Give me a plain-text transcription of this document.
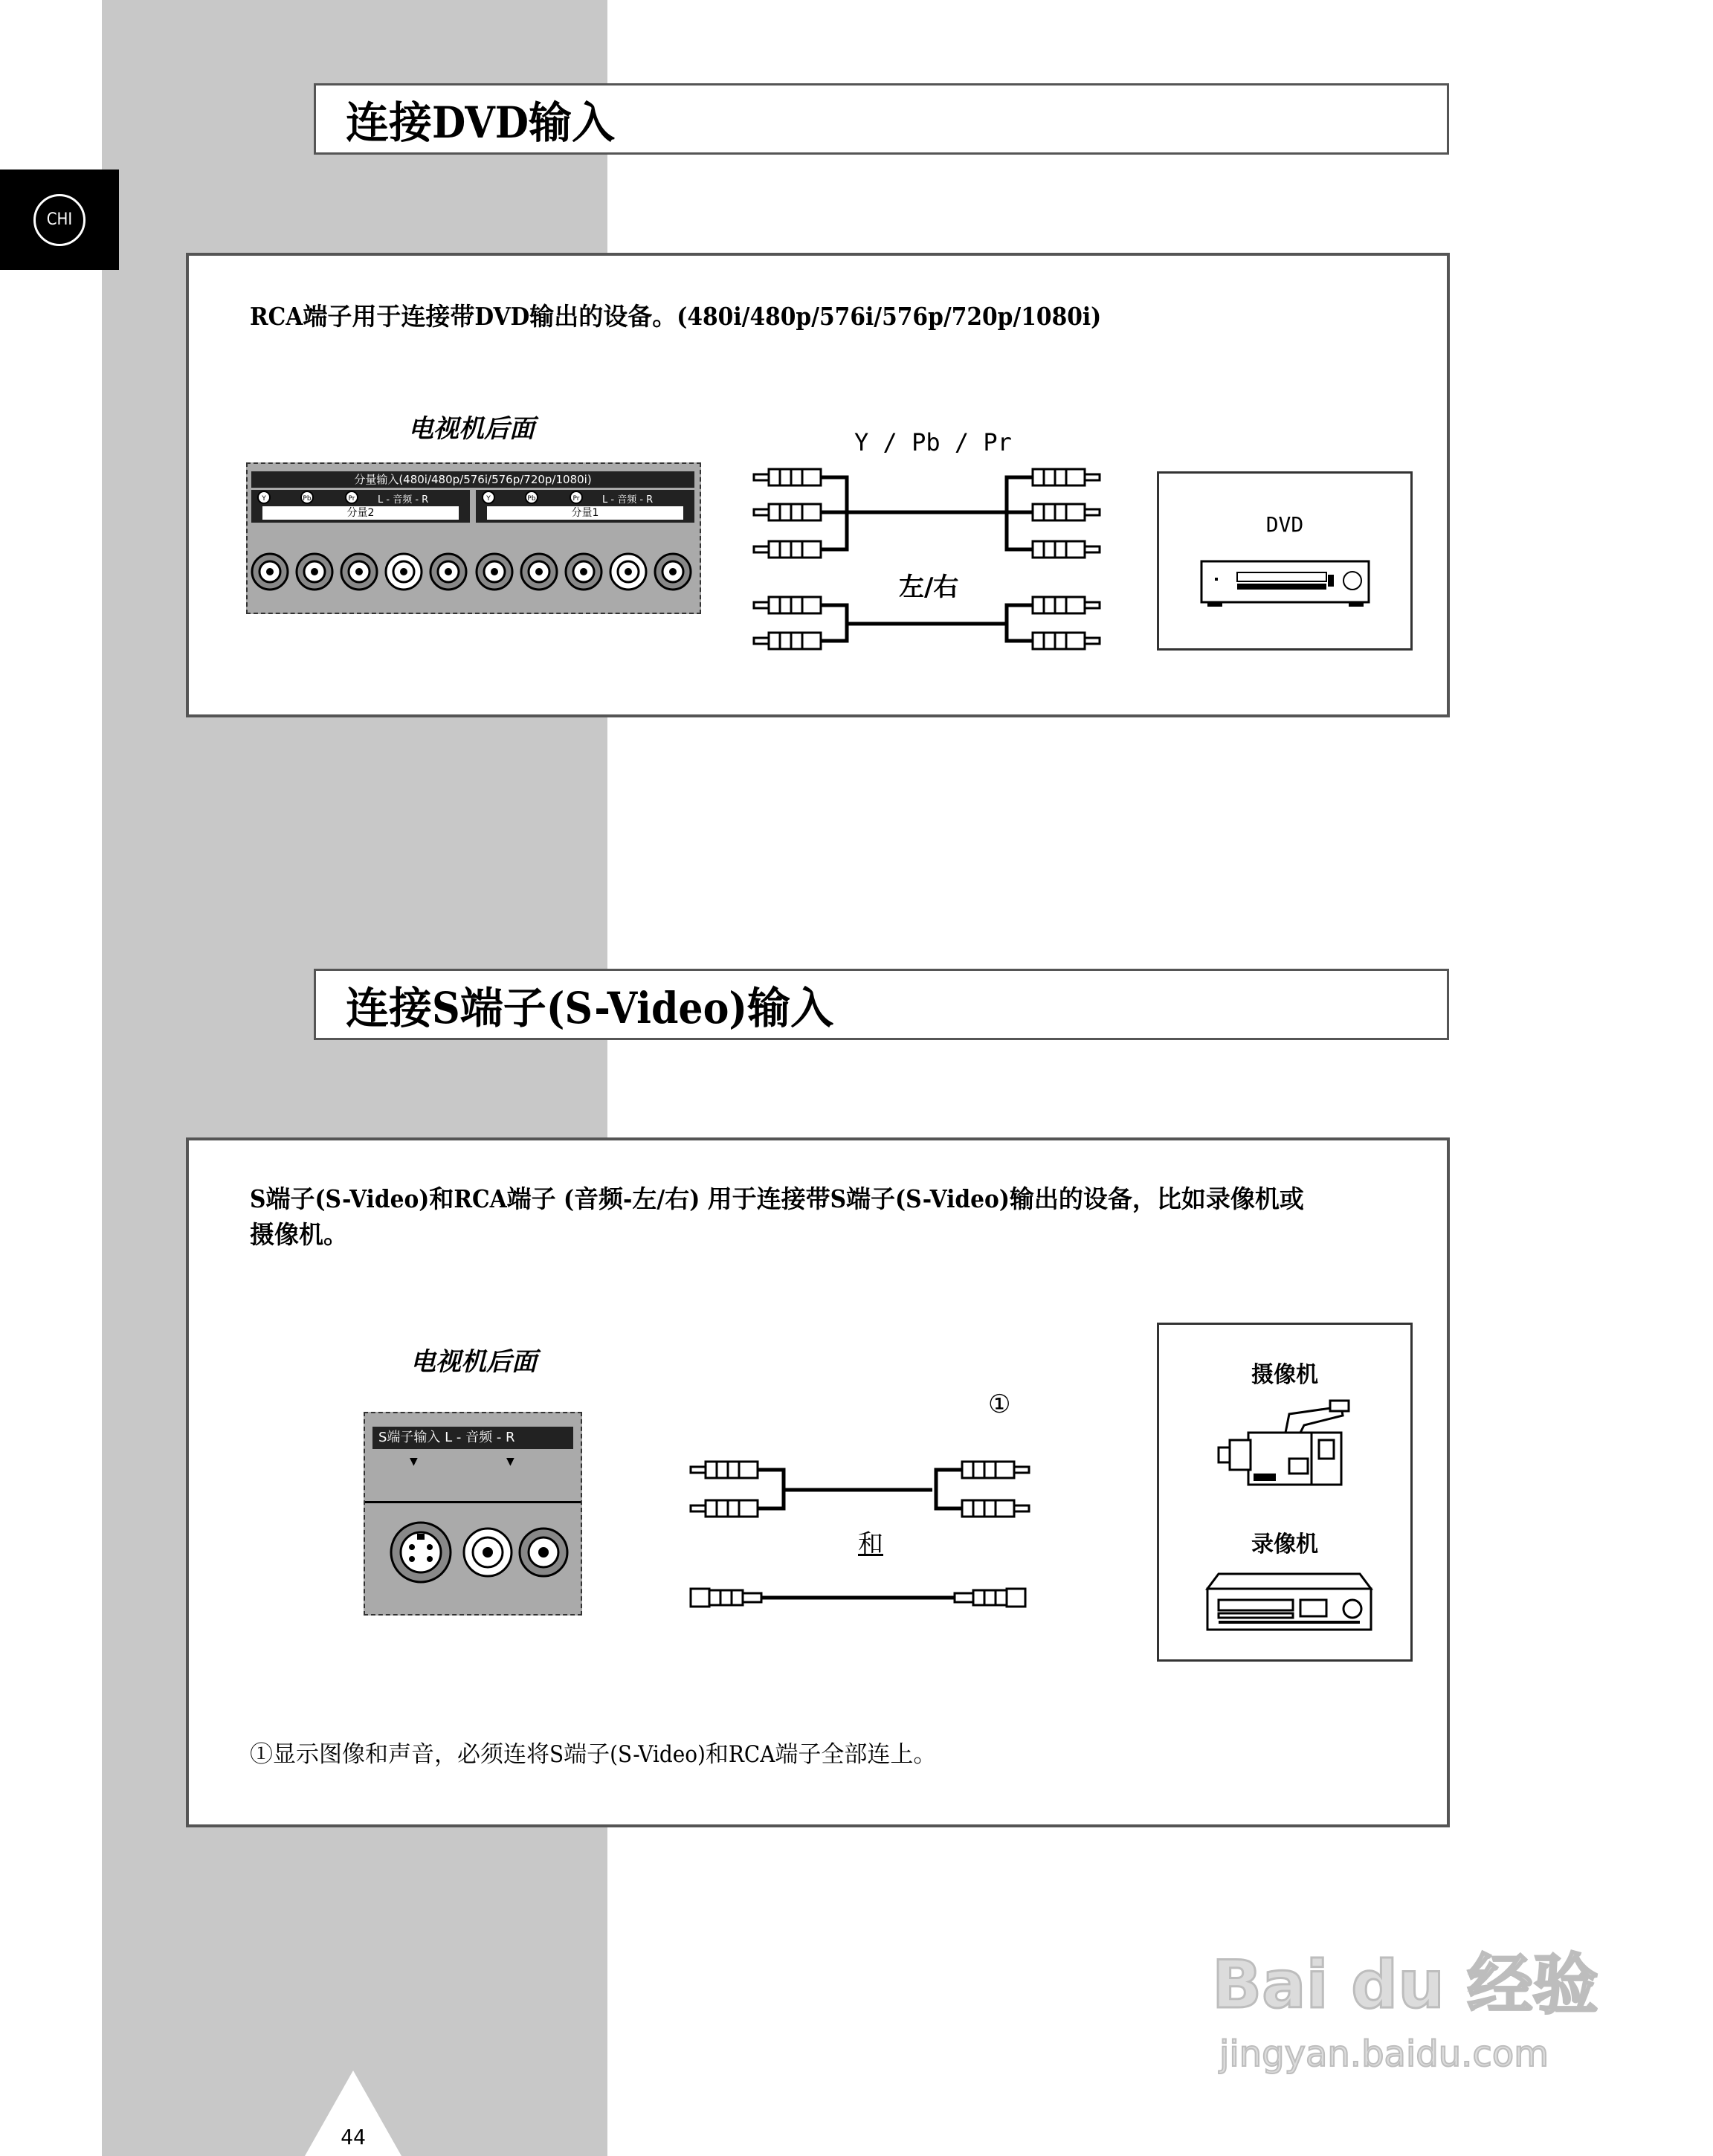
CHI
连接DVD输入
RCA端子用于连接带DVD输出的设备。(480i/480p/576i/576p/720p/1080i)
电视机后面
分量输入(480i/480p/576i/576p/720p/1080i)
分量2	分量1
L - 音频 - R	L - 音频 - R
Y	Pb	Pr	Y	Pb	Pr
Y / Pb / Pr
左/右
DVD
连接S端子(S-Video)输入
S端子(S-Video)和RCA端子 (音频-左/右) 用于连接带S端子(S-Video)输出的设备，比如录像机或
摄像机。
电视机后面
S端子输入 L - 音频 - R
▼	▼
①
和
摄像机
录像机
①显示图像和声音，必须连将S端子(S-Video)和RCA端子全部连上。
44
Bai du 经验
jingyan.baidu.com
